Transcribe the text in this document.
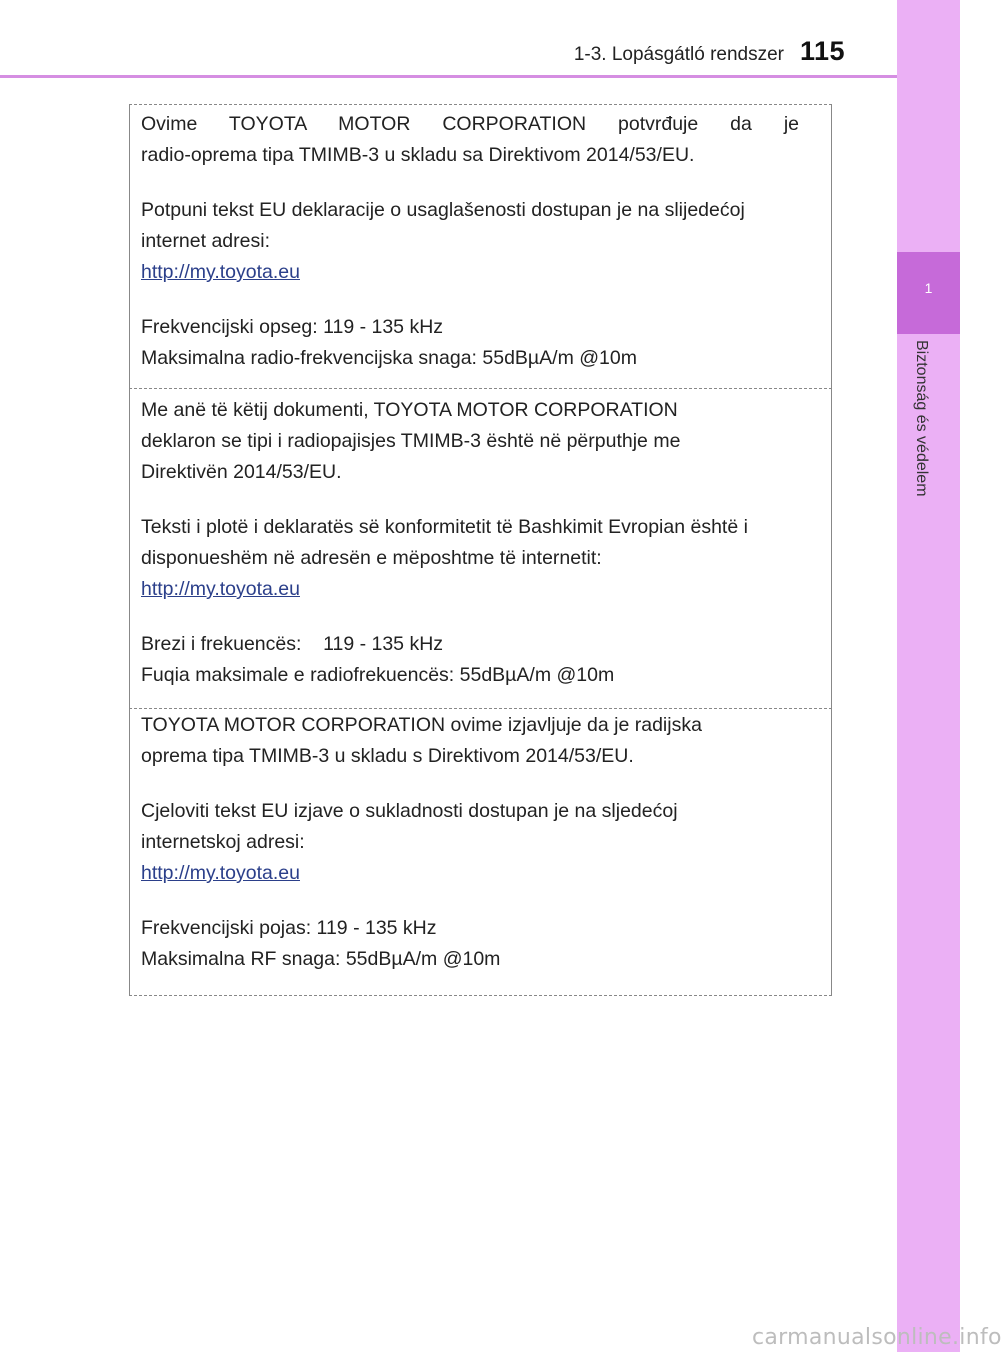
1-3. Lopásgátló rendszer 115
1
Biztonság és védelem

Ovime TOYOTA MOTOR CORPORATION potvrđuje da je

radio-oprema tipa TMIMB-3 u skladu sa Direktivom 2014/53/EU.

Potpuni tekst EU deklaracije o usaglašenosti dostupan je na slijedećoj

internet adresi:

http://my.toyota.eu

Frekvencijski opseg: 119 - 135 kHz

Maksimalna radio-frekvencijska snaga: 55dBµA/m @10m

Me anë të këtij dokumenti, TOYOTA MOTOR CORPORATION

deklaron se tipi i radiopajisjes TMIMB-3 është në përputhje me

Direktivën 2014/53/EU.

Teksti i plotë i deklaratës së konformitetit të Bashkimit Evropian është i

disponueshëm në adresën e mëposhtme të internetit:

http://my.toyota.eu

Brezi i frekuencës:    119 - 135 kHz

Fuqia maksimale e radiofrekuencës: 55dBµA/m @10m

TOYOTA MOTOR CORPORATION ovime izjavljuje da je radijska

oprema tipa TMIMB-3 u skladu s Direktivom 2014/53/EU.

Cjeloviti tekst EU izjave o sukladnosti dostupan je na sljedećoj

internetskoj adresi:

http://my.toyota.eu

Frekvencijski pojas: 119 - 135 kHz

Maksimalna RF snaga: 55dBµA/m @10m

carmanualsonline.info
